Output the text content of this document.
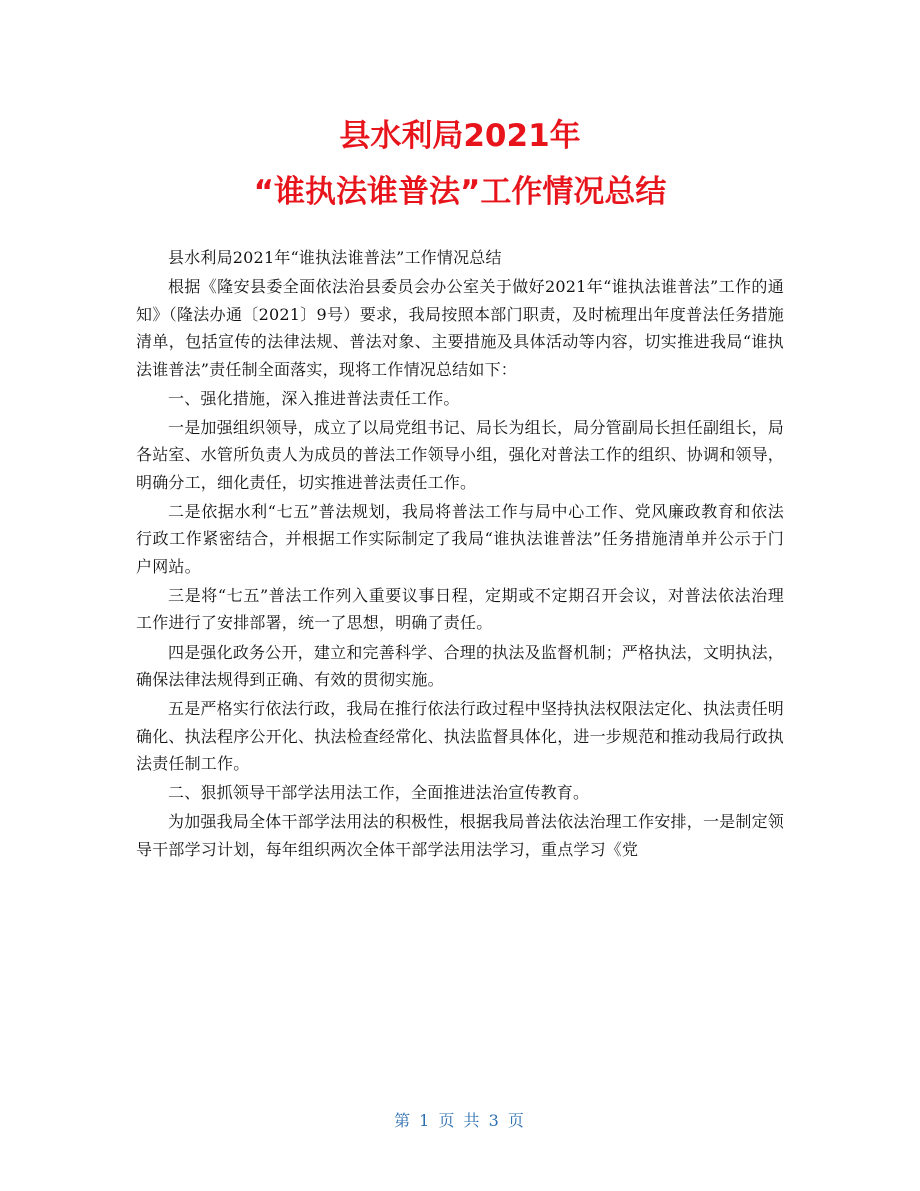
县水利局2021年
“谁执法谁普法”工作情况总结

县水利局2021年“谁执法谁普法”工作情况总结

根据《隆安县委全面依法治县委员会办公室关于做好2021年“谁执法谁普法”工作的通知》（隆法办通〔2021〕9号）要求，我局按照本部门职责，及时梳理出年度普法任务措施清单，包括宣传的法律法规、普法对象、主要措施及具体活动等内容，切实推进我局“谁执法谁普法”责任制全面落实，现将工作情况总结如下：

一、强化措施，深入推进普法责任工作。

一是加强组织领导，成立了以局党组书记、局长为组长，局分管副局长担任副组长，局各站室、水管所负责人为成员的普法工作领导小组，强化对普法工作的组织、协调和领导，明确分工，细化责任，切实推进普法责任工作。

二是依据水利“七五”普法规划，我局将普法工作与局中心工作、党风廉政教育和依法行政工作紧密结合，并根据工作实际制定了我局“谁执法谁普法”任务措施清单并公示于门户网站。

三是将“七五”普法工作列入重要议事日程，定期或不定期召开会议，对普法依法治理工作进行了安排部署，统一了思想，明确了责任。

四是强化政务公开，建立和完善科学、合理的执法及监督机制；严格执法，文明执法，确保法律法规得到正确、有效的贯彻实施。

五是严格实行依法行政，我局在推行依法行政过程中坚持执法权限法定化、执法责任明确化、执法程序公开化、执法检查经常化、执法监督具体化，进一步规范和推动我局行政执法责任制工作。

二、狠抓领导干部学法用法工作，全面推进法治宣传教育。

为加强我局全体干部学法用法的积极性，根据我局普法依法治理工作安排，一是制定领导干部学习计划，每年组织两次全体干部学法用法学习，重点学习《党

第 1 页 共 3 页
